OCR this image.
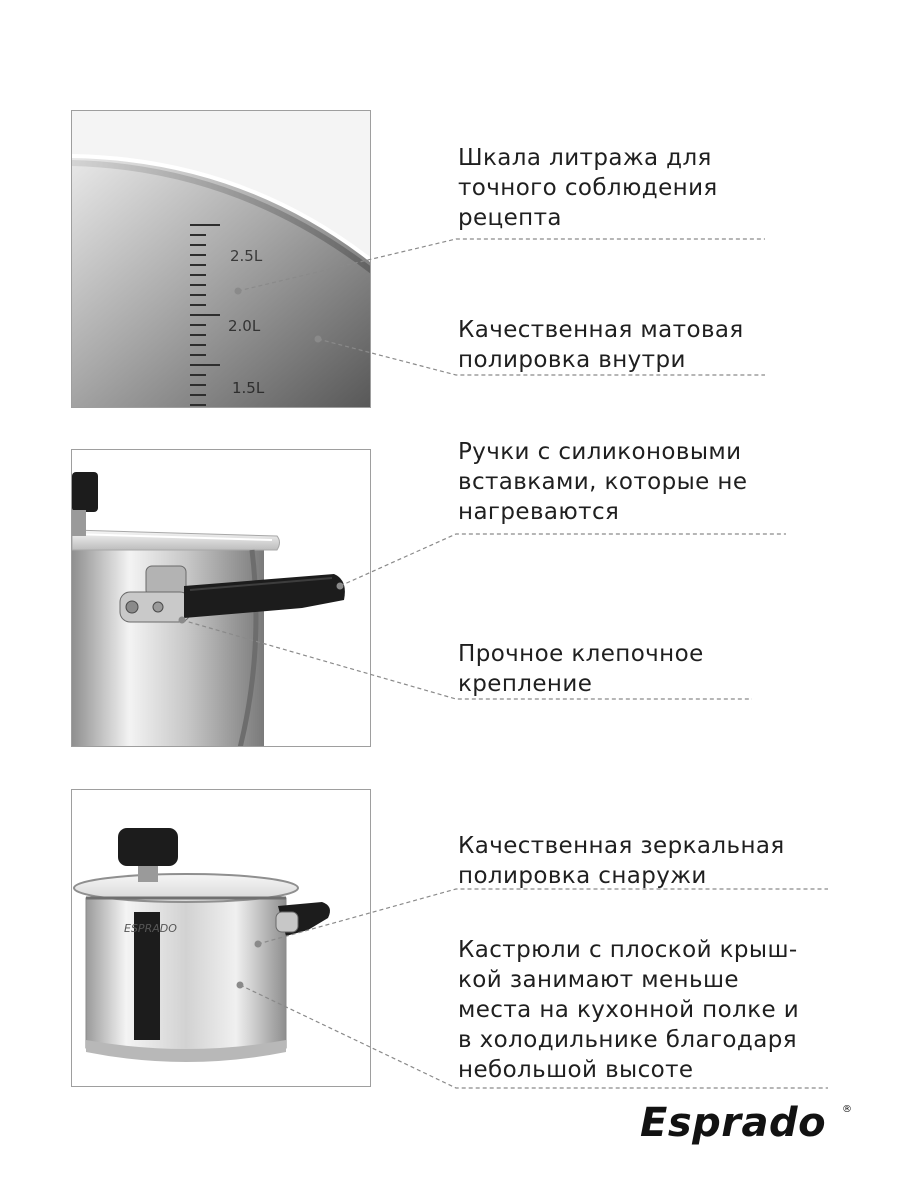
2.5L
2.0L
1.5L
ESPRADO

Шкала литража для
точного соблюдения
рецепта

Качественная матовая
полировка внутри

Ручки с силиконовыми
вставками, которые не
нагреваются

Прочное клепочное
крепление

Качественная зеркальная
полировка снаружи

Кастрюли с плоской крыш-
кой занимают меньше
места на кухонной полке и
в холодильнике благодаря
небольшой высоте

Esprado ®
